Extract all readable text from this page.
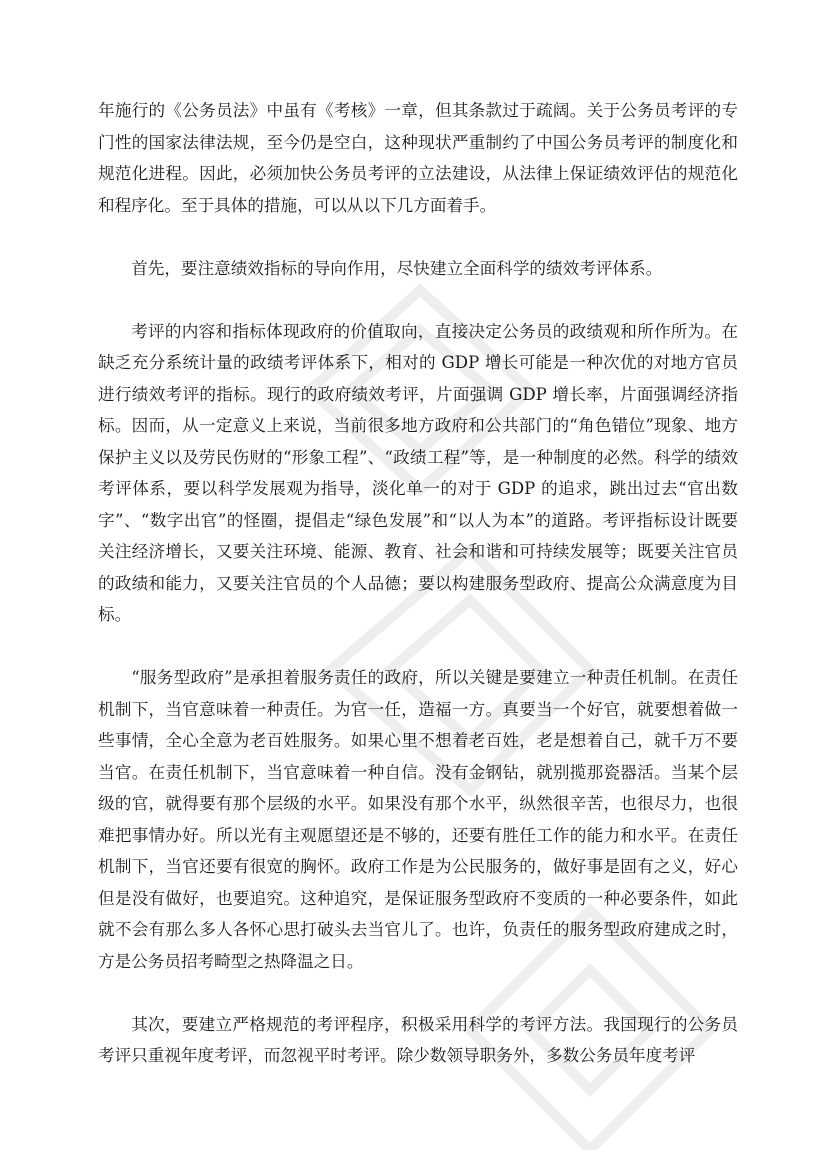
年施行的《公务员法》中虽有《考核》一章，但其条款过于疏阔。关于公务员考评的专门性的国家法律法规，至今仍是空白，这种现状严重制约了中国公务员考评的制度化和规范化进程。因此，必须加快公务员考评的立法建设，从法律上保证绩效评估的规范化和程序化。至于具体的措施，可以从以下几方面着手。

首先，要注意绩效指标的导向作用，尽快建立全面科学的绩效考评体系。

考评的内容和指标体现政府的价值取向，直接决定公务员的政绩观和所作所为。在缺乏充分系统计量的政绩考评体系下，相对的 GDP 增长可能是一种次优的对地方官员进行绩效考评的指标。现行的政府绩效考评，片面强调 GDP 增长率，片面强调经济指标。因而，从一定意义上来说，当前很多地方政府和公共部门的“角色错位”现象、地方保护主义以及劳民伤财的“形象工程”、“政绩工程”等，是一种制度的必然。科学的绩效考评体系，要以科学发展观为指导，淡化单一的对于 GDP 的追求，跳出过去“官出数字”、“数字出官”的怪圈，提倡走“绿色发展”和“以人为本”的道路。考评指标设计既要关注经济增长，又要关注环境、能源、教育、社会和谐和可持续发展等；既要关注官员的政绩和能力，又要关注官员的个人品德；要以构建服务型政府、提高公众满意度为目标。

“服务型政府”是承担着服务责任的政府，所以关键是要建立一种责任机制。在责任机制下，当官意味着一种责任。为官一任，造福一方。真要当一个好官，就要想着做一些事情，全心全意为老百姓服务。如果心里不想着老百姓，老是想着自己，就千万不要当官。在责任机制下，当官意味着一种自信。没有金钢钻，就别揽那瓷器活。当某个层级的官，就得要有那个层级的水平。如果没有那个水平，纵然很辛苦，也很尽力，也很难把事情办好。所以光有主观愿望还是不够的，还要有胜任工作的能力和水平。在责任机制下，当官还要有很宽的胸怀。政府工作是为公民服务的，做好事是固有之义，好心但是没有做好，也要追究。这种追究，是保证服务型政府不变质的一种必要条件，如此就不会有那么多人各怀心思打破头去当官儿了。也许，负责任的服务型政府建成之时，方是公务员招考畸型之热降温之日。

其次，要建立严格规范的考评程序，积极采用科学的考评方法。我国现行的公务员考评只重视年度考评，而忽视平时考评。除少数领导职务外，多数公务员年度考评
